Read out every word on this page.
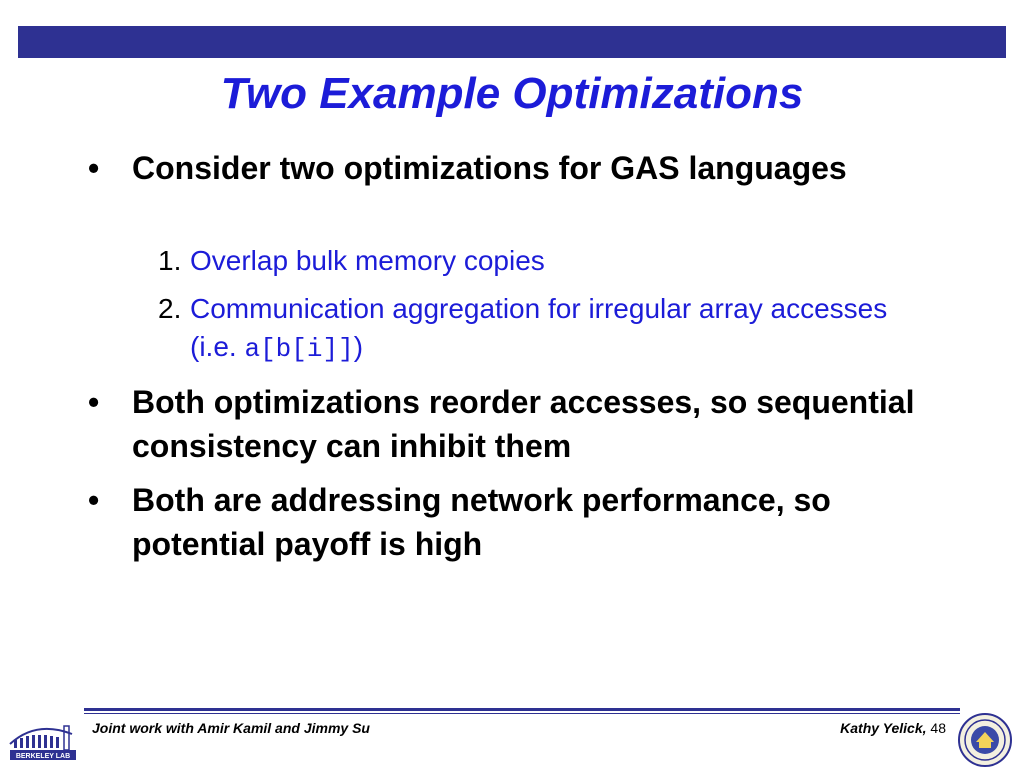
Two Example Optimizations
•	Consider two optimizations for GAS languages
1. Overlap bulk memory copies
2. Communication aggregation for irregular array accesses (i.e. a[b[i]])
•	Both optimizations reorder accesses, so sequential consistency can inhibit them
•	Both are addressing network performance, so potential payoff is high
BERKELEY LAB
Joint work with Amir Kamil and Jimmy Su	Kathy Yelick, 48
